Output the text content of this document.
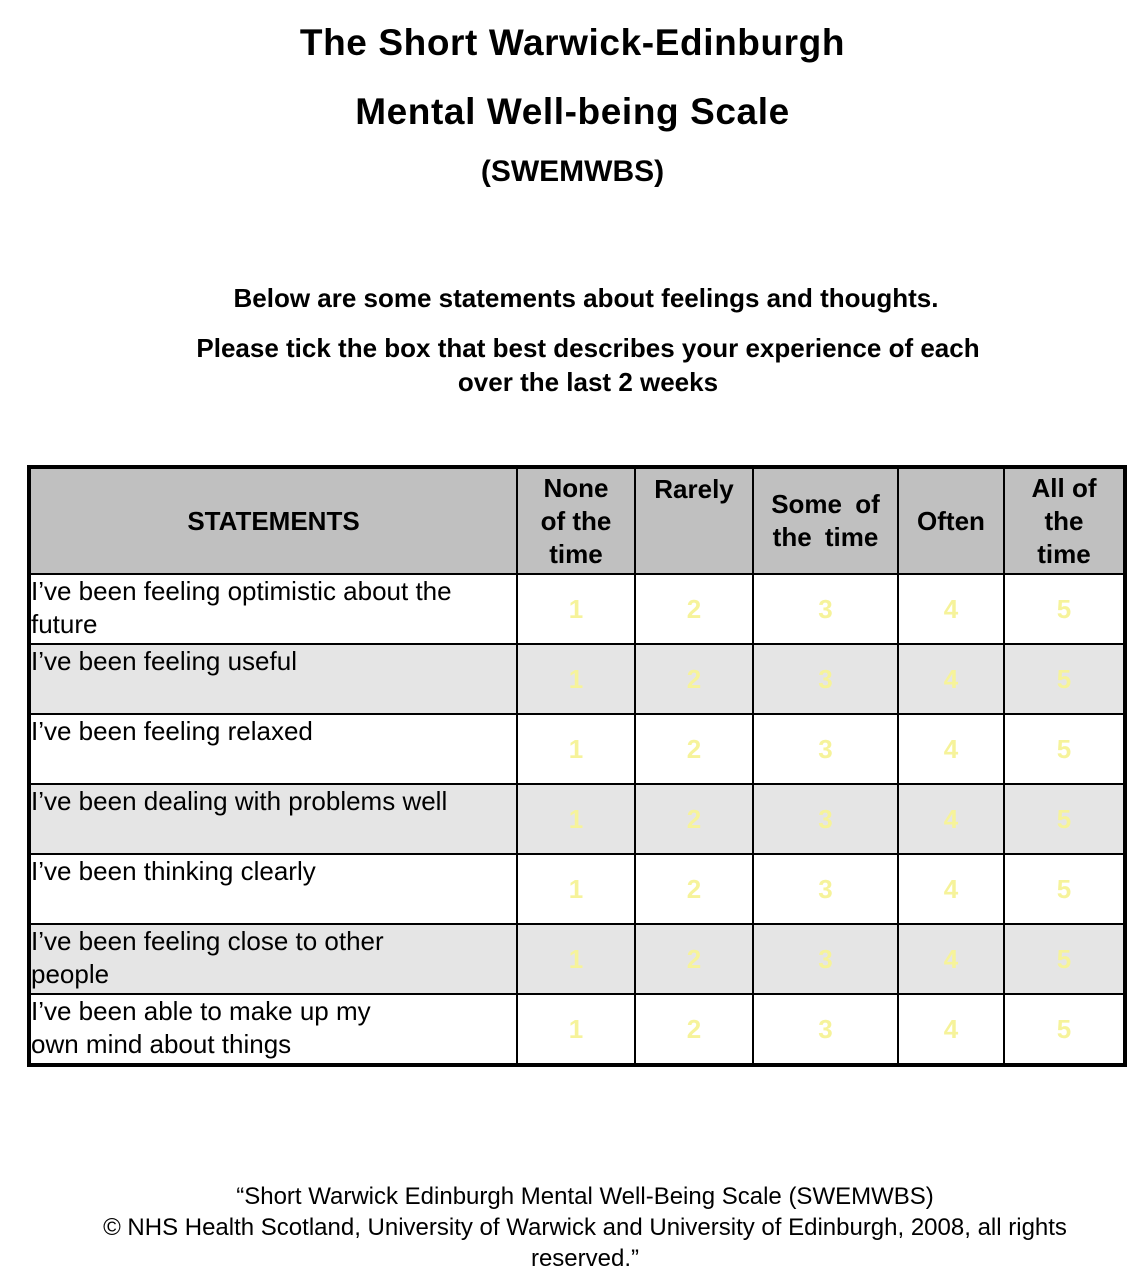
The Short Warwick-Edinburgh
Mental Well-being Scale
(SWEMWBS)

Below are some statements about feelings and thoughts.

Please tick the box that best describes your experience of each over the last 2 weeks

STATEMENTS	None of the time	Rarely	Some of the time	Often	All of the time
I’ve been feeling optimistic about the future	1	2	3	4	5
I’ve been feeling useful	1	2	3	4	5
I’ve been feeling relaxed	1	2	3	4	5
I’ve been dealing with problems well	1	2	3	4	5
I’ve been thinking clearly	1	2	3	4	5
I’ve been feeling close to other people	1	2	3	4	5
I’ve been able to make up my own mind about things	1	2	3	4	5

“Short Warwick Edinburgh Mental Well-Being Scale (SWEMWBS)

© NHS Health Scotland, University of Warwick and University of Edinburgh, 2008, all rights reserved.”
